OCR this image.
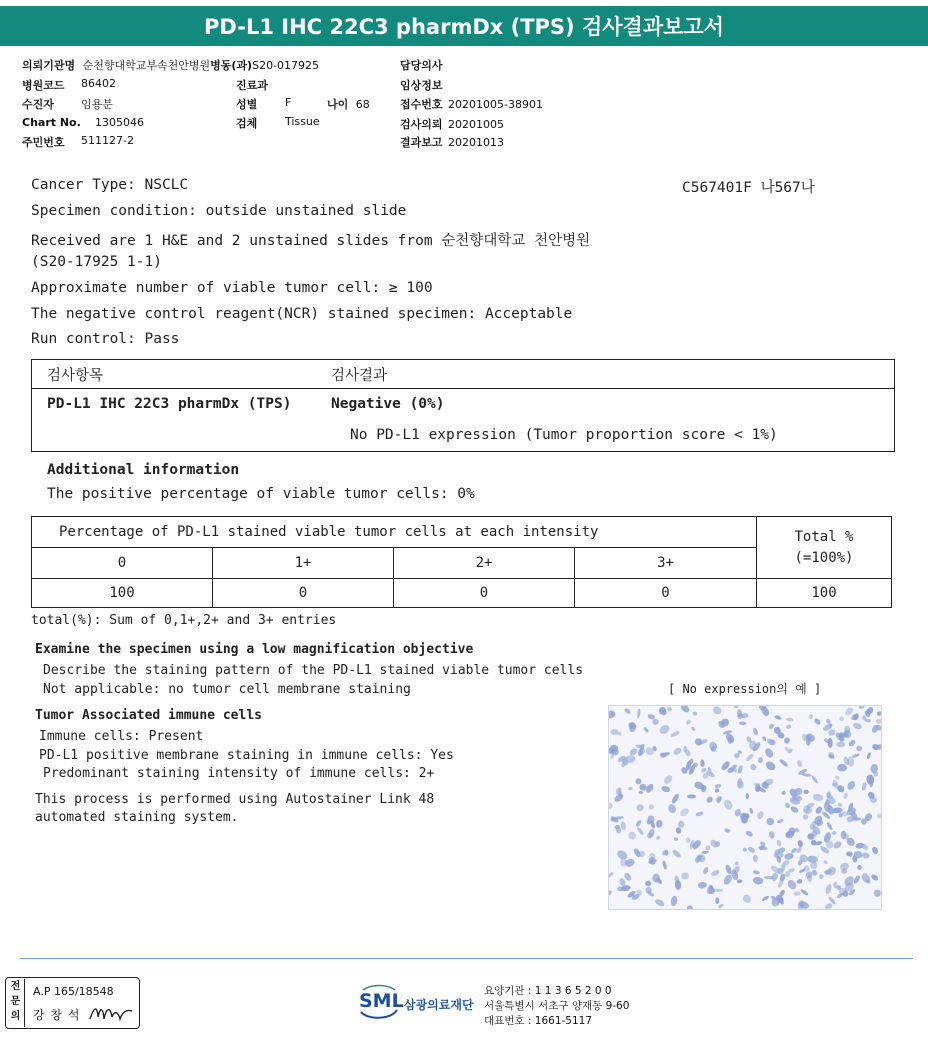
PD-L1 IHC 22C3 pharmDx (TPS) 검사결과보고서
의뢰기관명 순천향대학교부속천안병원병동(과)S20-017925	담당의사
병원코드 86402	진료과	임상정보
수진자 임용분	성별	F	나이 68	접수번호 20201005-38901
Chart No. 1305046	검체	Tissue	검사의뢰 20201005
주민번호 511127-2	결과보고 20201013
Cancer Type: NSCLC	C567401F 나567나
Specimen condition: outside unstained slide
Received are 1 H&E and 2 unstained slides from 순천향대학교 천안병원
(S20-17925 1-1)
Approximate number of viable tumor cell: ≥ 100
The negative control reagent(NCR) stained specimen: Acceptable
Run control: Pass
검사항목	검사결과
PD-L1 IHC 22C3 pharmDx (TPS)	Negative (0%)
No PD-L1 expression (Tumor proportion score < 1%)
Additional information
The positive percentage of viable tumor cells: 0%
Percentage of PD-L1 stained viable tumor cells at each intensity				Total %
(=100%)

0	1+	2+	3+	
100	0	0	0	100
total(%): Sum of 0,1+,2+ and 3+ entries
Examine the specimen using a low magnification objective
Describe the staining pattern of the PD-L1 stained viable tumor cells
Not applicable: no tumor cell membrane staining	[ No expression의 예 ]
Tumor Associated immune cells
Immune cells: Present
PD-L1 positive membrane staining in immune cells: Yes
Predominant staining intensity of immune cells: 2+
This process is performed using Autostainer Link 48
automated staining system.
전문의
A.P 165/18548
강 창 석
SML 삼광의료재단
요양기관 : 1 1 3 6 5 2 0 0
서울특별시 서초구 양재동 9-60
대표번호 : 1661-5117
